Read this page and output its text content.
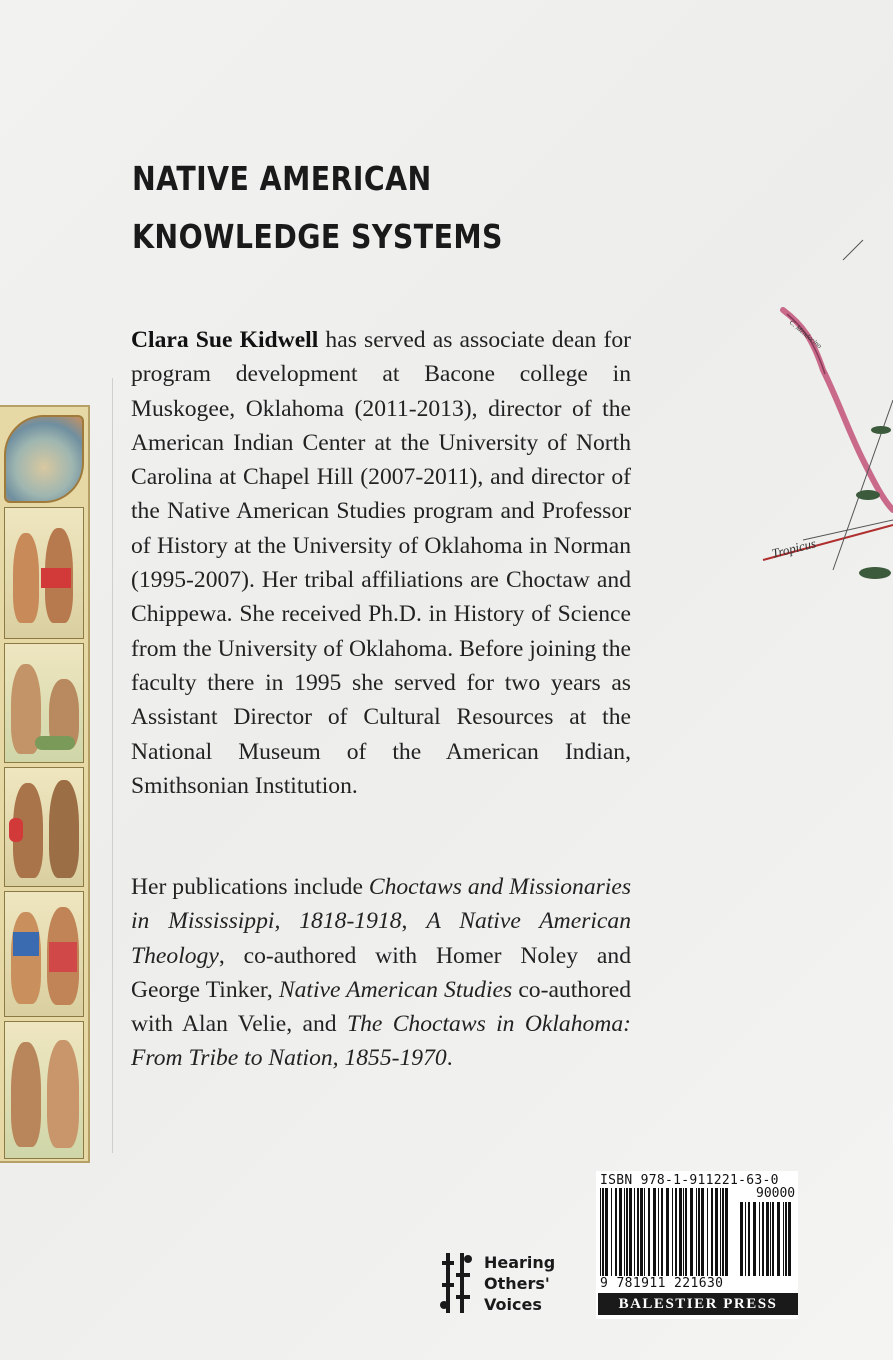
NATIVE AMERICAN
KNOWLEDGE SYSTEMS
Tropicus
C. Mendocino

Clara Sue Kidwell has served as associate dean for program development at Bacone college in Muskogee, Oklahoma (2011-2013), director of the American Indian Center at the University of North Carolina at Chapel Hill (2007-2011), and director of the Native American Studies program and Professor of History at the University of Oklahoma in Norman (1995-2007). Her tribal affiliations are Choctaw and Chippewa. She received Ph.D. in History of Science from the University of Oklahoma. Before joining the faculty there in 1995 she served for two years as Assistant Director of Cultural Resources at the National Museum of the American Indian, Smithsonian Institution.

Her publications include Choctaws and Missionaries in Mississippi, 1818-1918, A Native American Theology, co-authored with Homer Noley and George Tinker, Native American Studies co-authored with Alan Velie, and The Choctaws in Oklahoma: From Tribe to Nation, 1855-1970.

Hearing
Others'
Voices
ISBN 978-1-911221-63-0
90000
9 781911 221630
BALESTIER PRESS
